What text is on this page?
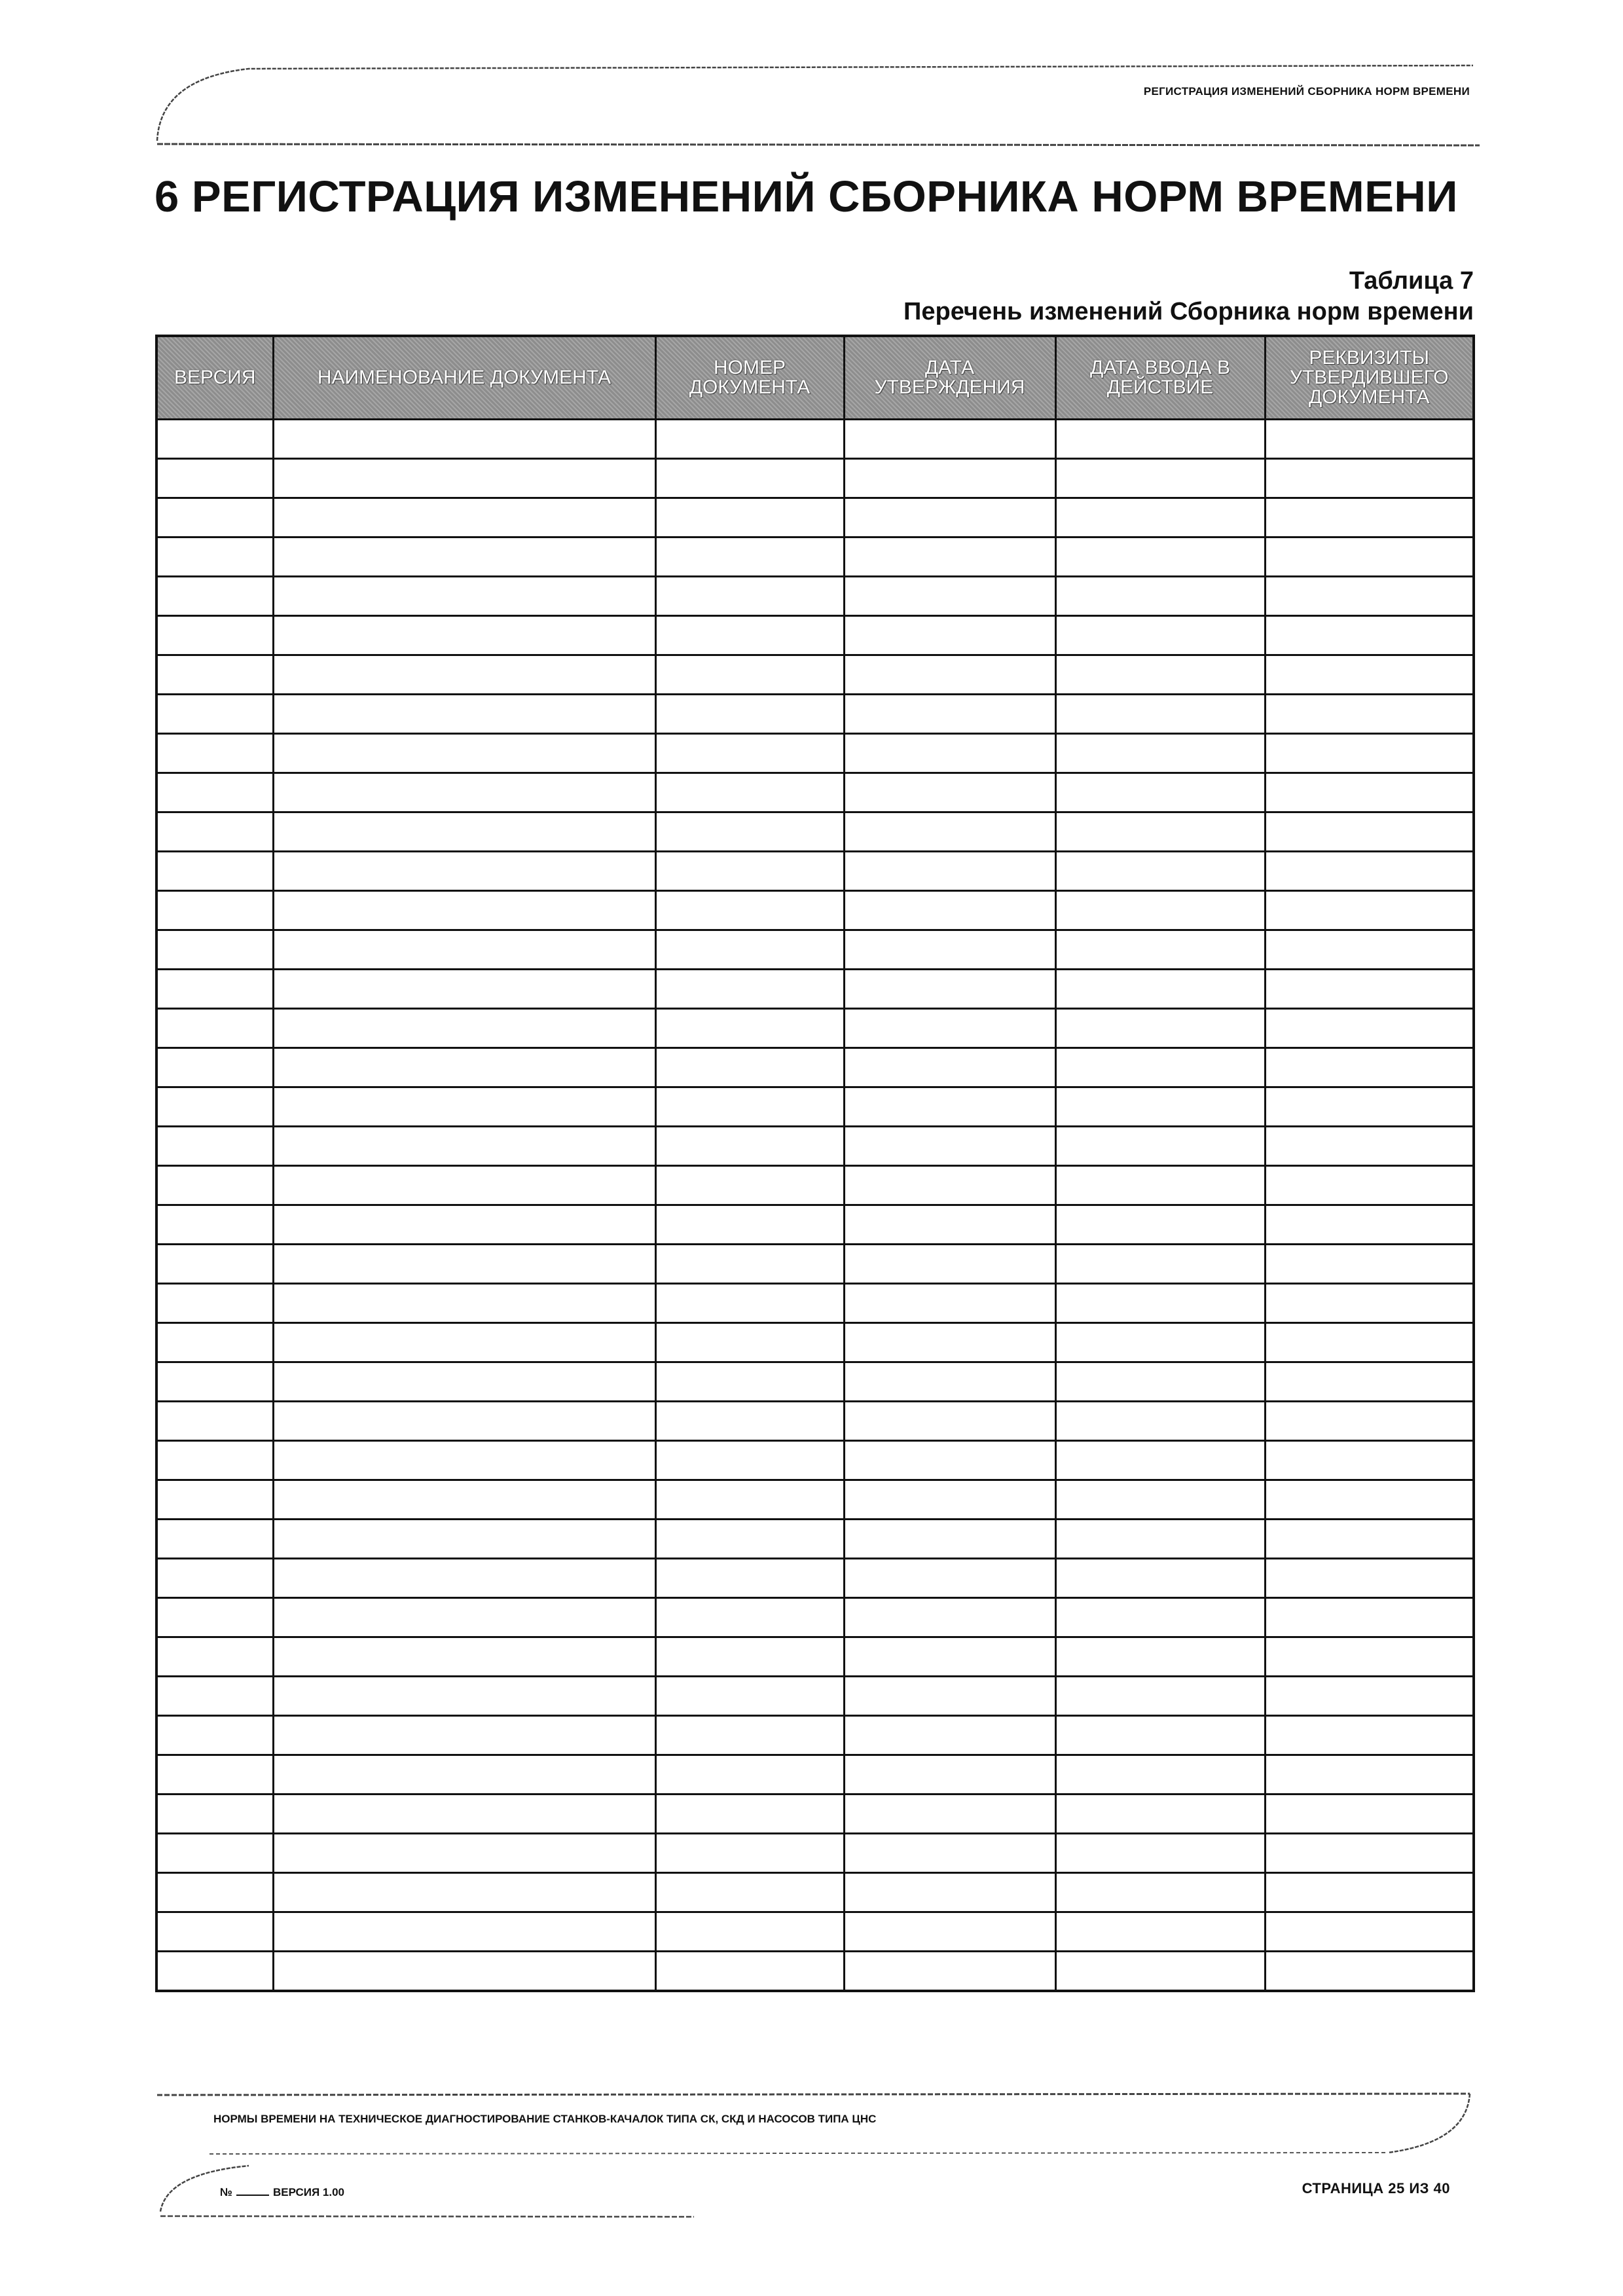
РЕГИСТРАЦИЯ ИЗМЕНЕНИЙ СБОРНИКА НОРМ ВРЕМЕНИ
6 РЕГИСТРАЦИЯ ИЗМЕНЕНИЙ СБОРНИКА НОРМ ВРЕМЕНИ
Таблица 7
Перечень изменений Сборника норм времени
ВЕРСИЯ	НАИМЕНОВАНИЕ ДОКУМЕНТА	НОМЕР ДОКУМЕНТА	ДАТА УТВЕРЖДЕНИЯ	ДАТА ВВОДА В ДЕЙСТВИЕ	РЕКВИЗИТЫ УТВЕРДИВШЕГО ДОКУМЕНТА

НОРМЫ ВРЕМЕНИ НА ТЕХНИЧЕСКОЕ ДИАГНОСТИРОВАНИЕ СТАНКОВ-КАЧАЛОК ТИПА СК, СКД И НАСОСОВ ТИПА ЦНС
№	ВЕРСИЯ 1.00	СТРАНИЦА 25 ИЗ 40
